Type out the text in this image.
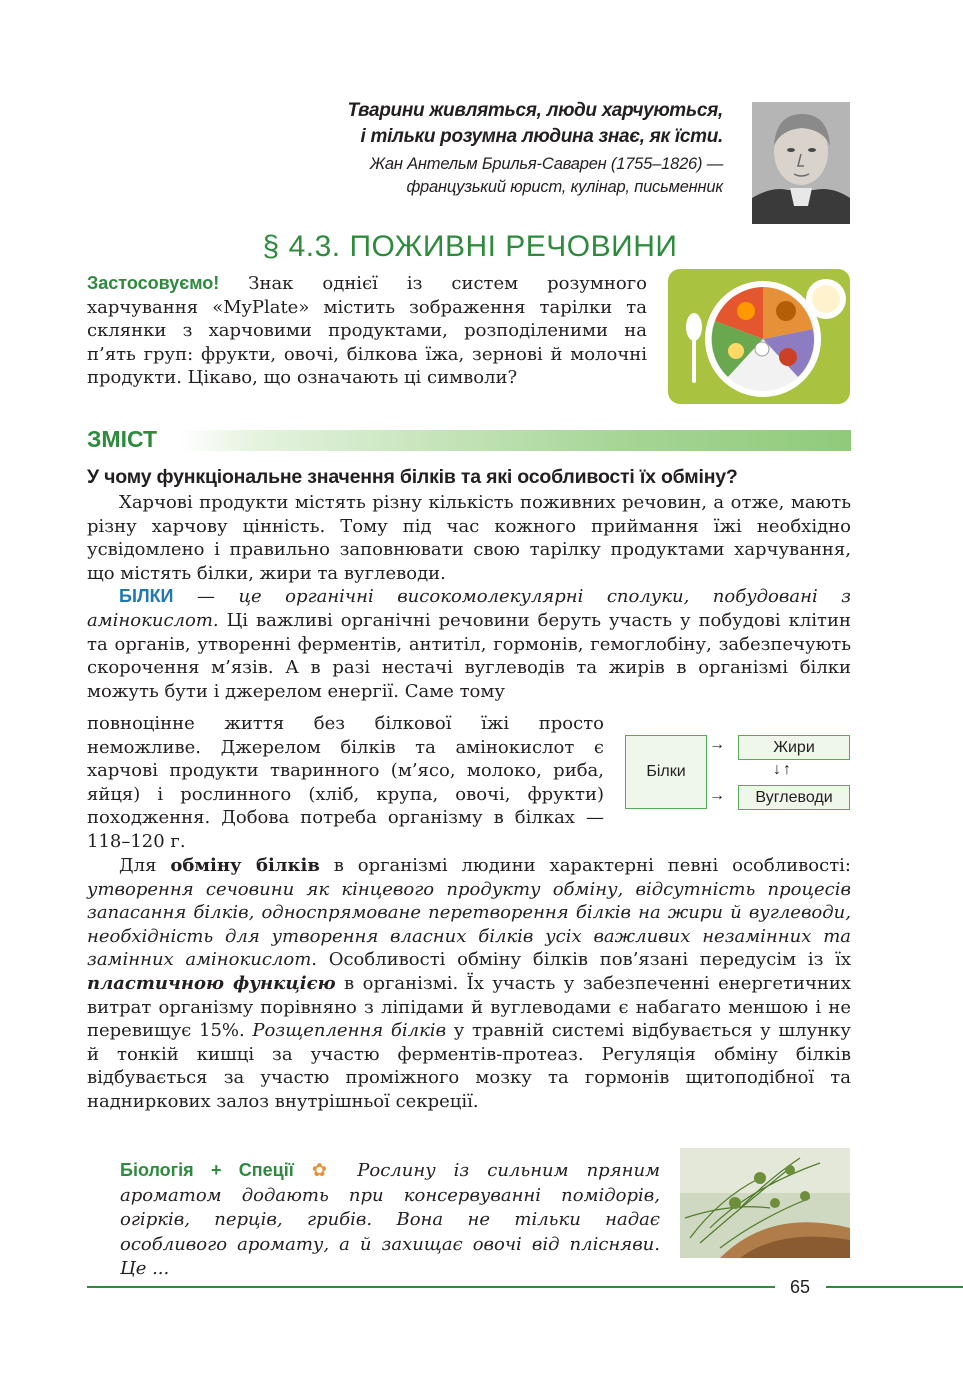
Тварини живляться, люди харчуються,
і тільки розумна людина знає, як їсти.
Жан Антельм Брилья-Саварен (1755–1826) —
французький юрист, кулінар, письменник
§ 4.3. ПОЖИВНІ РЕЧОВИНИ
Застосовуємо! Знак однієї із систем розумного харчування «MyPlate» містить зображення тарілки та склянки з харчовими продуктами, розподіленими на п’ять груп: фрукти, овочі, білкова їжа, зернові й молочні продукти. Цікаво, що означають ці символи?
ЗМІСТ
У чому функціональне значення білків та які особливості їх обміну?

Харчові продукти містять різну кількість поживних речовин, а отже, мають різну харчову цінність. Тому під час кожного приймання їжі необхідно усвідомлено і правильно заповнювати свою тарілку продуктами харчування, що містять білки, жири та вуглеводи.

БІЛКИ — це органічні високомолекулярні сполуки, побудовані з амінокислот. Ці важливі органічні речовини беруть участь у побудові клітин та органів, утворенні ферментів, антитіл, гормонів, гемоглобіну, забезпечують скорочення м’язів. А в разі нестачі вуглеводів та жирів в організмі білки можуть бути і джерелом енергії. Саме тому

повноцінне життя без білкової їжі просто неможливе. Джерелом білків та амінокислот є харчові продукти тваринного (м’ясо, молоко, риба, яйця) і рослинного (хліб, крупа, овочі, фрукти) походження. Добова потреба організму в білках — 118–120 г.
Білки
→	Жири
↓↑
→	Вуглеводи

Для обміну білків в організмі людини характерні певні особливості: утворення сечовини як кінцевого продукту обміну, відсутність процесів запасання білків, односпрямоване перетворення білків на жири й вуглеводи, необхідність для утворення власних білків усіх важливих незамінних та замінних амінокислот. Особливості обміну білків пов’язані передусім із їх пластичною функцією в організмі. Їх участь у забезпеченні енергетичних витрат організму порівняно з ліпідами й вуглеводами є набагато меншою і не перевищує 15%. Розщеплення білків у травній системі відбувається у шлунку й тонкій кишці за участю ферментів-протеаз. Регуляція обміну білків відбувається за участю проміжного мозку та гормонів щитоподібної та надниркових залоз внутрішньої секреції.

Біологія + Спеції ✿ Рослину із сильним пряним ароматом додають при консервуванні помідорів, огірків, перців, грибів. Вона не тільки надає особливого аромату, а й захищає овочі від плісняви. Це ...
65
